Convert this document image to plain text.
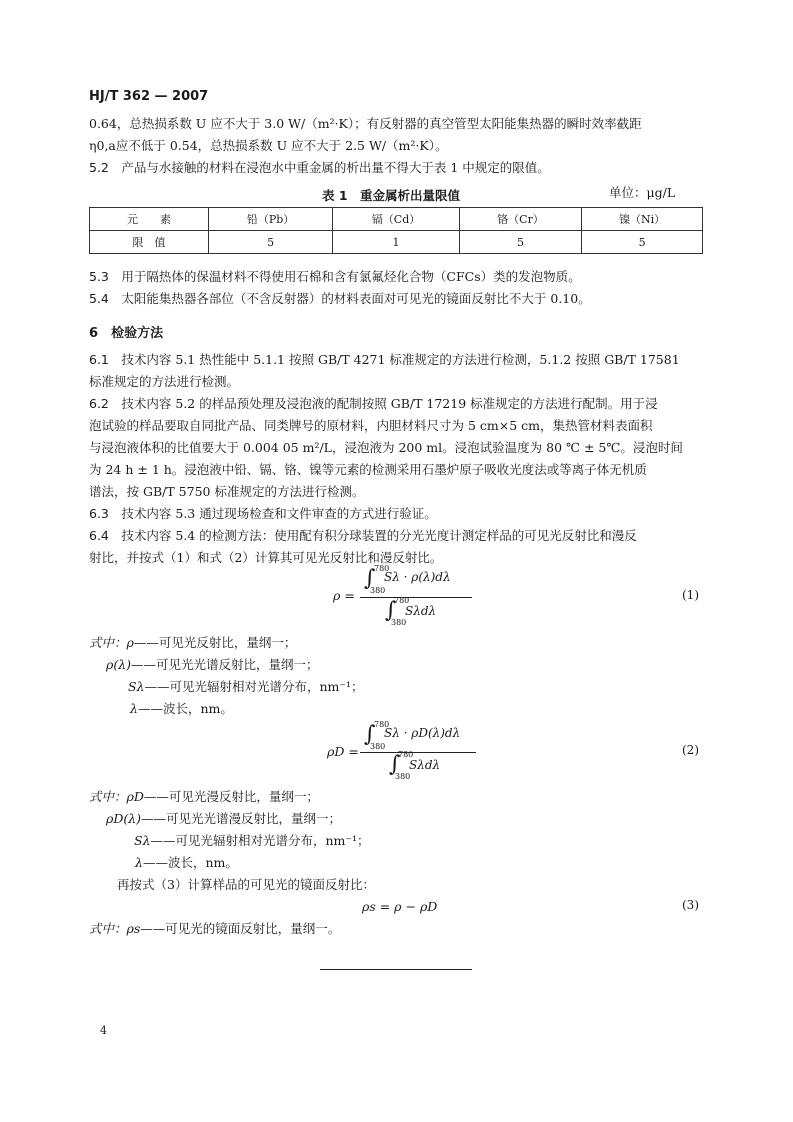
HJ/T 362 — 2007
0.64，总热损系数 U 应不大于 3.0 W/（m²·K）；有反射器的真空管型太阳能集热器的瞬时效率截距
η0,a应不低于 0.54，总热损系数 U 应不大于 2.5 W/（m²·K）。
5.2　 产品与水接触的材料在浸泡水中重金属的析出量不得大于表 1 中规定的限值。
表 1　重金属析出量限值	单位：μg/L
元　　素	铅（Pb）	镉（Cd）	铬（Cr）	镍（Ni）
限　值	5	1	5	5
5.3　 用于隔热体的保温材料不得使用石棉和含有氯氟烃化合物（CFCs）类的发泡物质。
5.4　 太阳能集热器各部位（不含反射器）的材料表面对可见光的镜面反射比不大于 0.10。
6　 检验方法
6.1　 技术内容 5.1 热性能中 5.1.1 按照 GB/T 4271 标准规定的方法进行检测，5.1.2 按照 GB/T 17581
标准规定的方法进行检测。
6.2　 技术内容 5.2 的样品预处理及浸泡液的配制按照 GB/T 17219 标准规定的方法进行配制。用于浸
泡试验的样品要取自同批产品、同类牌号的原材料，内胆材料尺寸为 5 cm×5 cm，集热管材料表面积
与浸泡液体积的比值要大于 0.004 05 m²/L，浸泡液为 200 ml。浸泡试验温度为 80 ℃ ± 5℃。浸泡时间
为 24 h ± 1 h。浸泡液中铅、镉、铬、镍等元素的检测采用石墨炉原子吸收光度法或等离子体无机质
谱法，按 GB/T 5750 标准规定的方法进行检测。
6.3　 技术内容 5.3 通过现场检查和文件审查的方式进行验证。
6.4　 技术内容 5.4 的检测方法：使用配有积分球装置的分光光度计测定样品的可见光反射比和漫反
射比，并按式（1）和式（2）计算其可见光反射比和漫反射比。
ρ =
∫
780
380
Sλ · ρ(λ)dλ
∫
780
380
Sλdλ
(1)
式中：ρ——可见光反射比，量纲一；
ρ(λ)——可见光光谱反射比，量纲一；
Sλ——可见光辐射相对光谱分布，nm⁻¹；
λ——波长，nm。
ρD =
∫
780
380
Sλ · ρD(λ)dλ
∫
780
380
Sλdλ
(2)
式中：ρD——可见光漫反射比，量纲一；
ρD(λ)——可见光光谱漫反射比，量纲一；
Sλ——可见光辐射相对光谱分布，nm⁻¹；
λ——波长，nm。
再按式（3）计算样品的可见光的镜面反射比：
ρs = ρ − ρD	(3)
式中：ρs——可见光的镜面反射比，量纲一。
4
